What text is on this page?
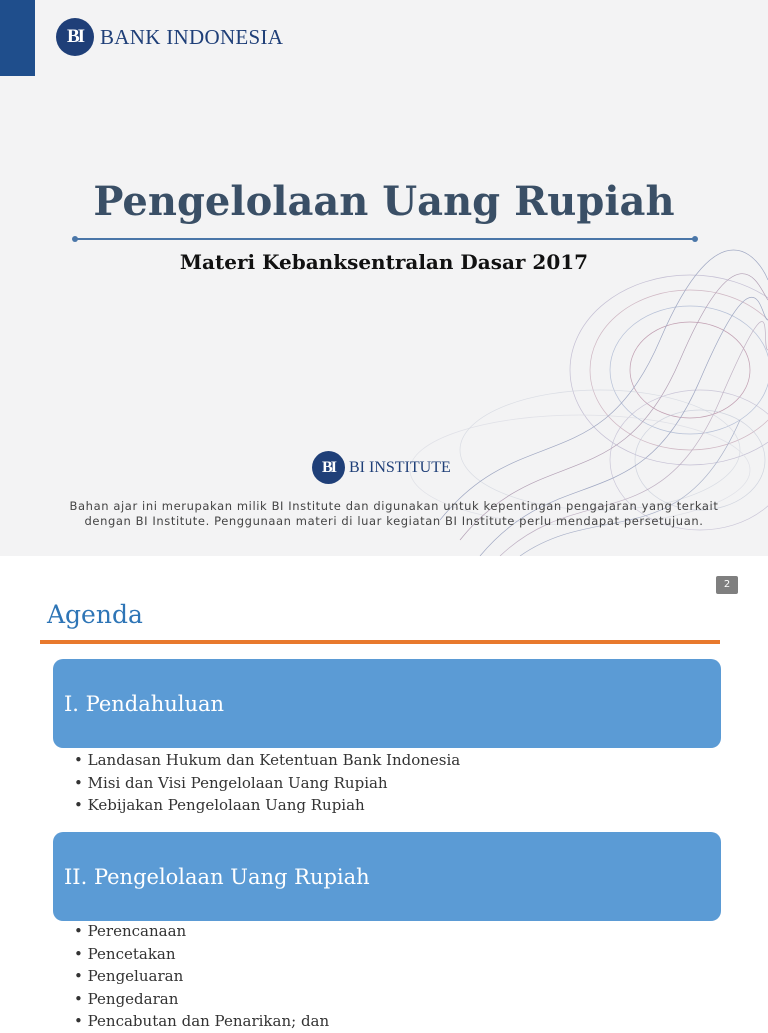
BI BANK INDONESIA
Pengelolaan Uang Rupiah
Materi Kebanksentralan Dasar 2017
BI BI INSTITUTE
Bahan ajar ini merupakan milik BI Institute dan digunakan untuk kepentingan pengajaran yang terkait
dengan BI Institute. Penggunaan materi di luar kegiatan BI Institute perlu mendapat persetujuan.
2
Agenda
I. Pendahuluan
• Landasan Hukum dan Ketentuan Bank Indonesia
• Misi dan Visi Pengelolaan Uang Rupiah
• Kebijakan Pengelolaan Uang Rupiah
II. Pengelolaan Uang Rupiah
• Perencanaan
• Pencetakan
• Pengeluaran
• Pengedaran
• Pencabutan dan Penarikan; dan
